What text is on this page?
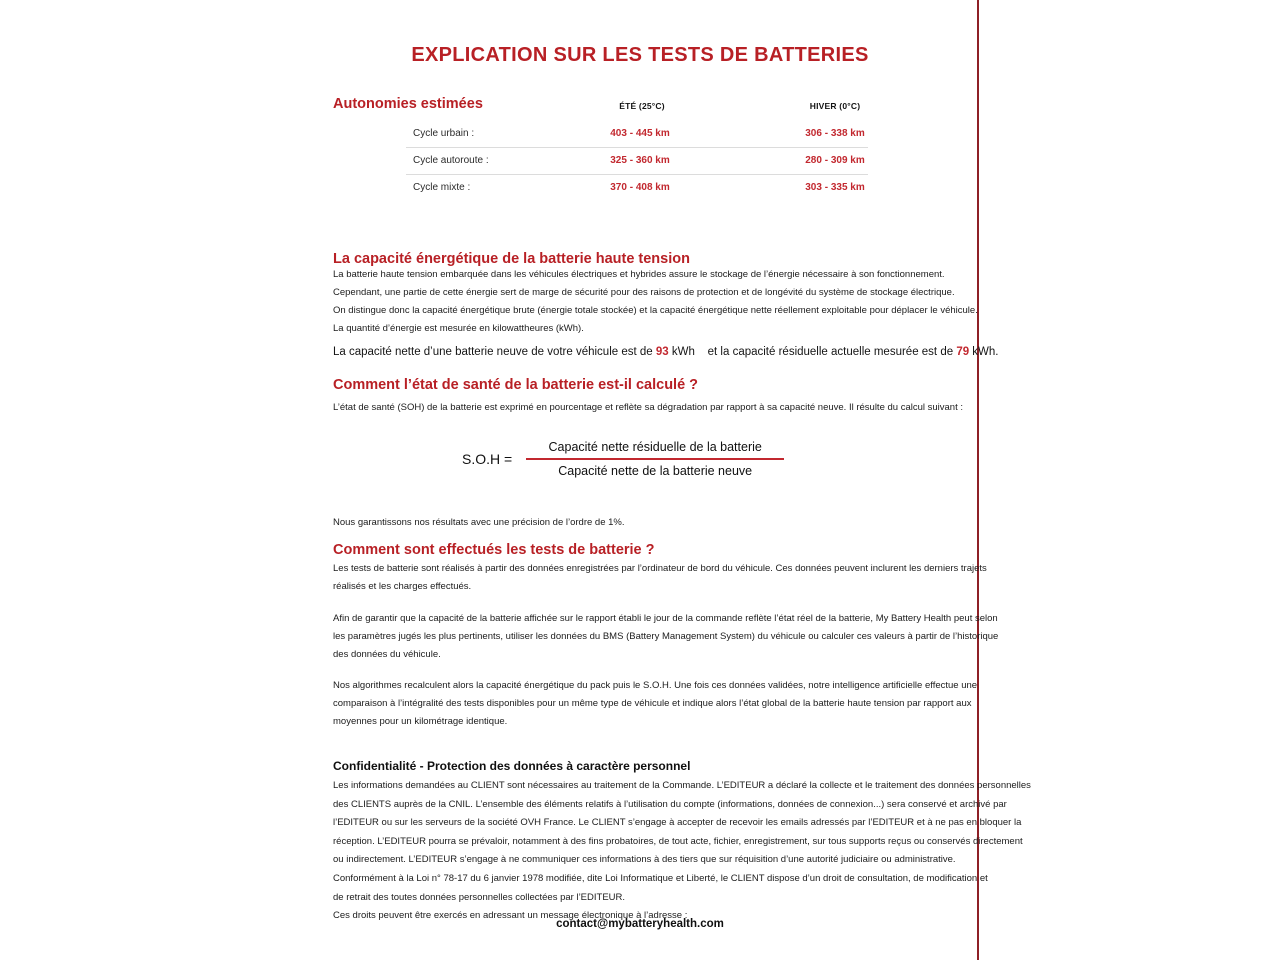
EXPLICATION SUR LES TESTS DE BATTERIES
Autonomies estimées	ÉTÉ (25°C)	HIVER (0°C)
Cycle urbain :	403 - 445 km	306 - 338 km
Cycle autoroute :	325 - 360 km	280 - 309 km
Cycle mixte :	370 - 408 km	303 - 335 km
La capacité énergétique de la batterie haute tension
La batterie haute tension embarquée dans les véhicules électriques et hybrides assure le stockage de l’énergie nécessaire à son fonctionnement.
Cependant, une partie de cette énergie sert de marge de sécurité pour des raisons de protection et de longévité du système de stockage électrique.
On distingue donc la capacité énergétique brute (énergie totale stockée) et la capacité énergétique nette réellement exploitable pour déplacer le véhicule.
La quantité d’énergie est mesurée en kilowattheures (kWh).
La capacité nette d’une batterie neuve de votre véhicule est de 93 kWh    et la capacité résiduelle actuelle mesurée est de 79 kWh.
Comment l’état de santé de la batterie est-il calculé ?
L’état de santé (SOH) de la batterie est exprimé en pourcentage et reflète sa dégradation par rapport à sa capacité neuve. Il résulte du calcul suivant :
$S.O.H = \frac{\text{Capacité nette résiduelle de la batterie}}{\text{Capacité nette de la batterie neuve}}$
Nous garantissons nos résultats avec une précision de l’ordre de 1%.
Comment sont effectués les tests de batterie ?
Les tests de batterie sont réalisés à partir des données enregistrées par l’ordinateur de bord du véhicule. Ces données peuvent inclurent les derniers trajets
réalisés et les charges effectués.
Afin de garantir que la capacité de la batterie affichée sur le rapport établi le jour de la commande reflète l’état réel de la batterie, My Battery Health peut selon
les paramètres jugés les plus pertinents, utiliser les données du BMS (Battery Management System) du véhicule ou calculer ces valeurs à partir de l’historique
des données du véhicule.
Nos algorithmes recalculent alors la capacité énergétique du pack puis le S.O.H. Une fois ces données validées, notre intelligence artificielle effectue une
comparaison à l’intégralité des tests disponibles pour un même type de véhicule et indique alors l’état global de la batterie haute tension par rapport aux
moyennes pour un kilométrage identique.
Confidentialité - Protection des données à caractère personnel
Les informations demandées au CLIENT sont nécessaires au traitement de la Commande. L’EDITEUR a déclaré la collecte et le traitement des données personnelles
des CLIENTS auprès de la CNIL. L’ensemble des éléments relatifs à l’utilisation du compte (informations, données de connexion...) sera conservé et archivé par
l’EDITEUR ou sur les serveurs de la société OVH France. Le CLIENT s’engage à accepter de recevoir les emails adressés par l’EDITEUR et à ne pas en bloquer la
réception. L’EDITEUR pourra se prévaloir, notamment à des fins probatoires, de tout acte, fichier, enregistrement, sur tous supports reçus ou conservés directement
ou indirectement. L’EDITEUR s’engage à ne communiquer ces informations à des tiers que sur réquisition d’une autorité judiciaire ou administrative.
Conformément à la Loi n° 78-17 du 6 janvier 1978 modifiée, dite Loi Informatique et Liberté, le CLIENT dispose d’un droit de consultation, de modification et
de retrait des toutes données personnelles collectées par l’EDITEUR.
Ces droits peuvent être exercés en adressant un message électronique à l’adresse :
contact@mybatteryhealth.com
